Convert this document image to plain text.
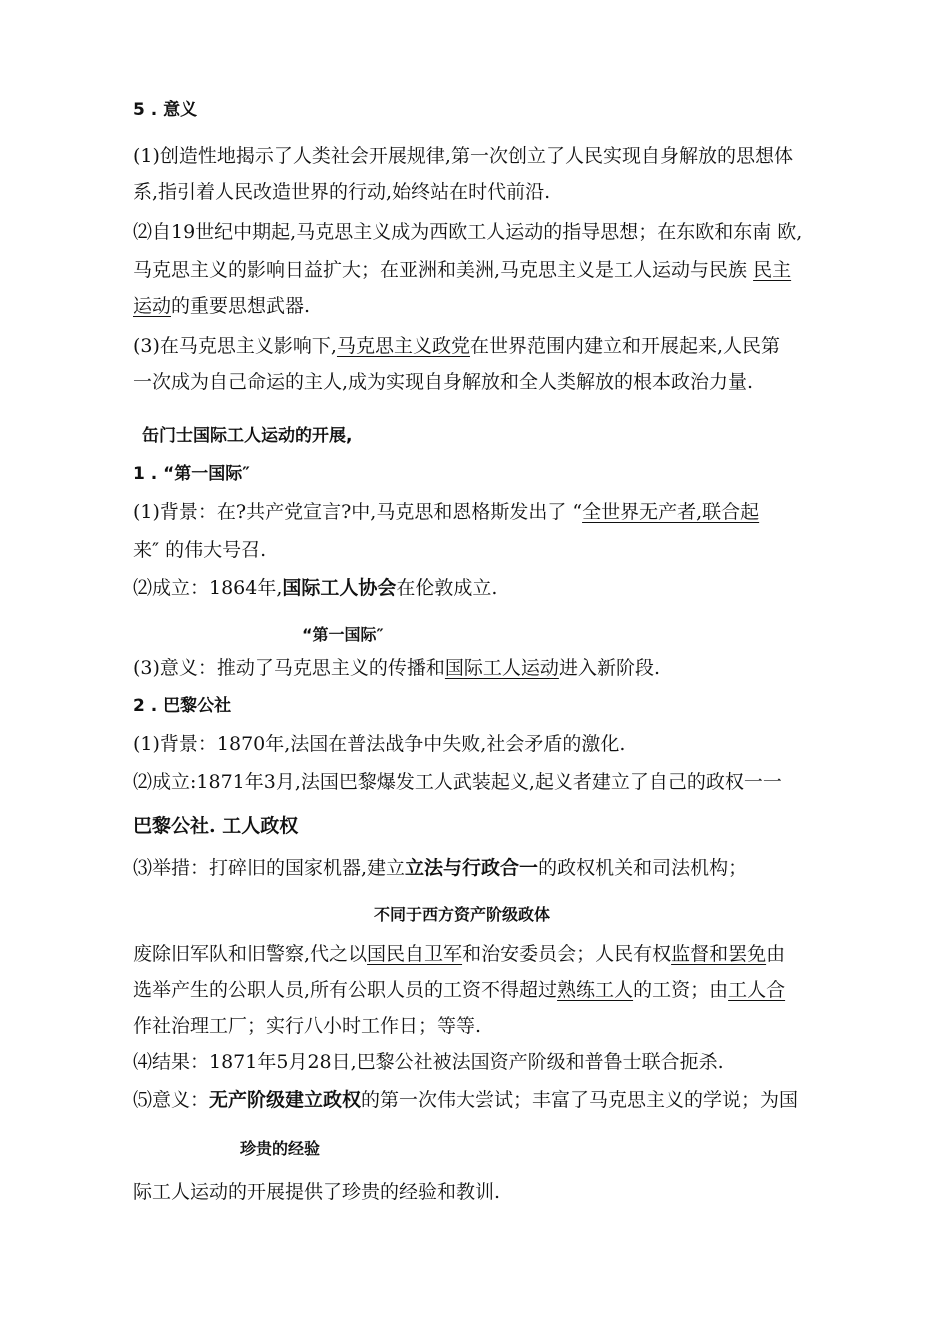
5 . 意义

(1)创造性地揭示了人类社会开展规律,第一次创立了人民实现自身解放的思想体

系,指引着人民改造世界的行动,始终站在时代前沿.

⑵自19世纪中期起,马克思主义成为西欧工人运动的指导思想；在东欧和东南 欧,

马克思主义的影响日益扩大；在亚洲和美洲,马克思主义是工人运动与民族 民主

运动的重要思想武器.

(3)在马克思主义影响下,马克思主义政党在世界范围内建立和开展起来,人民第

一次成为自己命运的主人,成为实现自身解放和全人类解放的根本政治力量.

缶门士国际工人运动的开展,

1 . “第一国际″

(1)背景：在?共产党宣言?中,马克思和恩格斯发出了 “全世界无产者,联合起

来″ 的伟大号召.

⑵成立：1864年,国际工人协会在伦敦成立.

“第一国际″

(3)意义：推动了马克思主义的传播和国际工人运动进入新阶段.

2 . 巴黎公社

(1)背景：1870年,法国在普法战争中失败,社会矛盾的激化.

⑵成立:1871年3月,法国巴黎爆发工人武装起义,起义者建立了自己的政权一一

巴黎公社. 工人政权

⑶举措：打碎旧的国家机器,建立立法与行政合一的政权机关和司法机构；

不同于西方资产阶级政体

废除旧军队和旧警察,代之以国民自卫军和治安委员会；人民有权监督和罢免由

选举产生的公职人员,所有公职人员的工资不得超过熟练工人的工资；由工人合

作社治理工厂；实行八小时工作日；等等.

⑷结果：1871年5月28日,巴黎公社被法国资产阶级和普鲁士联合扼杀.

⑸意义：无产阶级建立政权的第一次伟大尝试；丰富了马克思主义的学说；为国

珍贵的经验

际工人运动的开展提供了珍贵的经验和教训.
